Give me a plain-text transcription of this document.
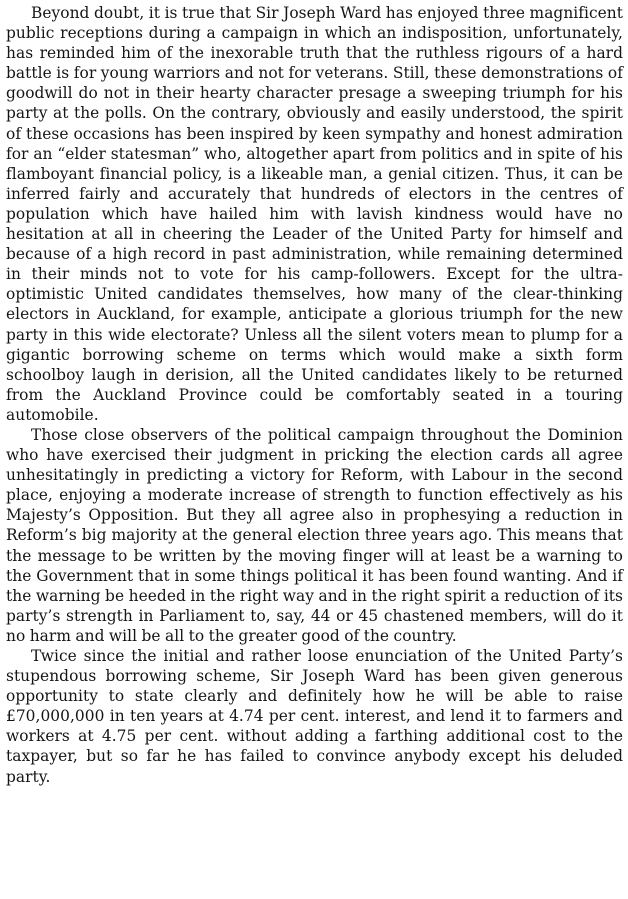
Beyond doubt, it is true that Sir Joseph Ward has enjoyed three magnificent public receptions during a campaign in which an indisposition, unfortunately, has reminded him of the inexorable truth that the ruthless rigours of a hard battle is for young warriors and not for veterans. Still, these demonstrations of goodwill do not in their hearty character presage a sweeping triumph for his party at the polls. On the contrary, obviously and easily understood, the spirit of these occasions has been inspired by keen sympathy and honest admiration for an “elder statesman” who, altogether apart from politics and in spite of his flamboyant financial policy, is a likeable man, a genial citizen. Thus, it can be inferred fairly and accurately that hundreds of electors in the centres of population which have hailed him with lavish kindness would have no hesitation at all in cheering the Leader of the United Party for himself and because of a high record in past administration, while remaining determined in their minds not to vote for his camp-followers. Except for the ultra-optimistic United candidates themselves, how many of the clear-thinking electors in Auckland, for example, anticipate a glorious triumph for the new party in this wide electorate? Unless all the silent voters mean to plump for a gigantic borrowing scheme on terms which would make a sixth form schoolboy laugh in derision, all the United candidates likely to be returned from the Auckland Province could be comfortably seated in a touring automobile.

Those close observers of the political campaign throughout the Dominion who have exercised their judgment in pricking the election cards all agree unhesitatingly in predicting a victory for Reform, with Labour in the second place, enjoying a moderate increase of strength to function effectively as his Majesty’s Opposition. But they all agree also in prophesying a reduction in Reform’s big majority at the general election three years ago. This means that the message to be written by the moving finger will at least be a warning to the Government that in some things political it has been found wanting. And if the warning be heeded in the right way and in the right spirit a reduction of its party’s strength in Parliament to, say, 44 or 45 chastened members, will do it no harm and will be all to the greater good of the country.

Twice since the initial and rather loose enunciation of the United Party’s stupendous borrowing scheme, Sir Joseph Ward has been given generous opportunity to state clearly and definitely how he will be able to raise £70,000,000 in ten years at 4.74 per cent. interest, and lend it to farmers and workers at 4.75 per cent. without adding a farthing additional cost to the taxpayer, but so far he has failed to convince anybody except his deluded party.
